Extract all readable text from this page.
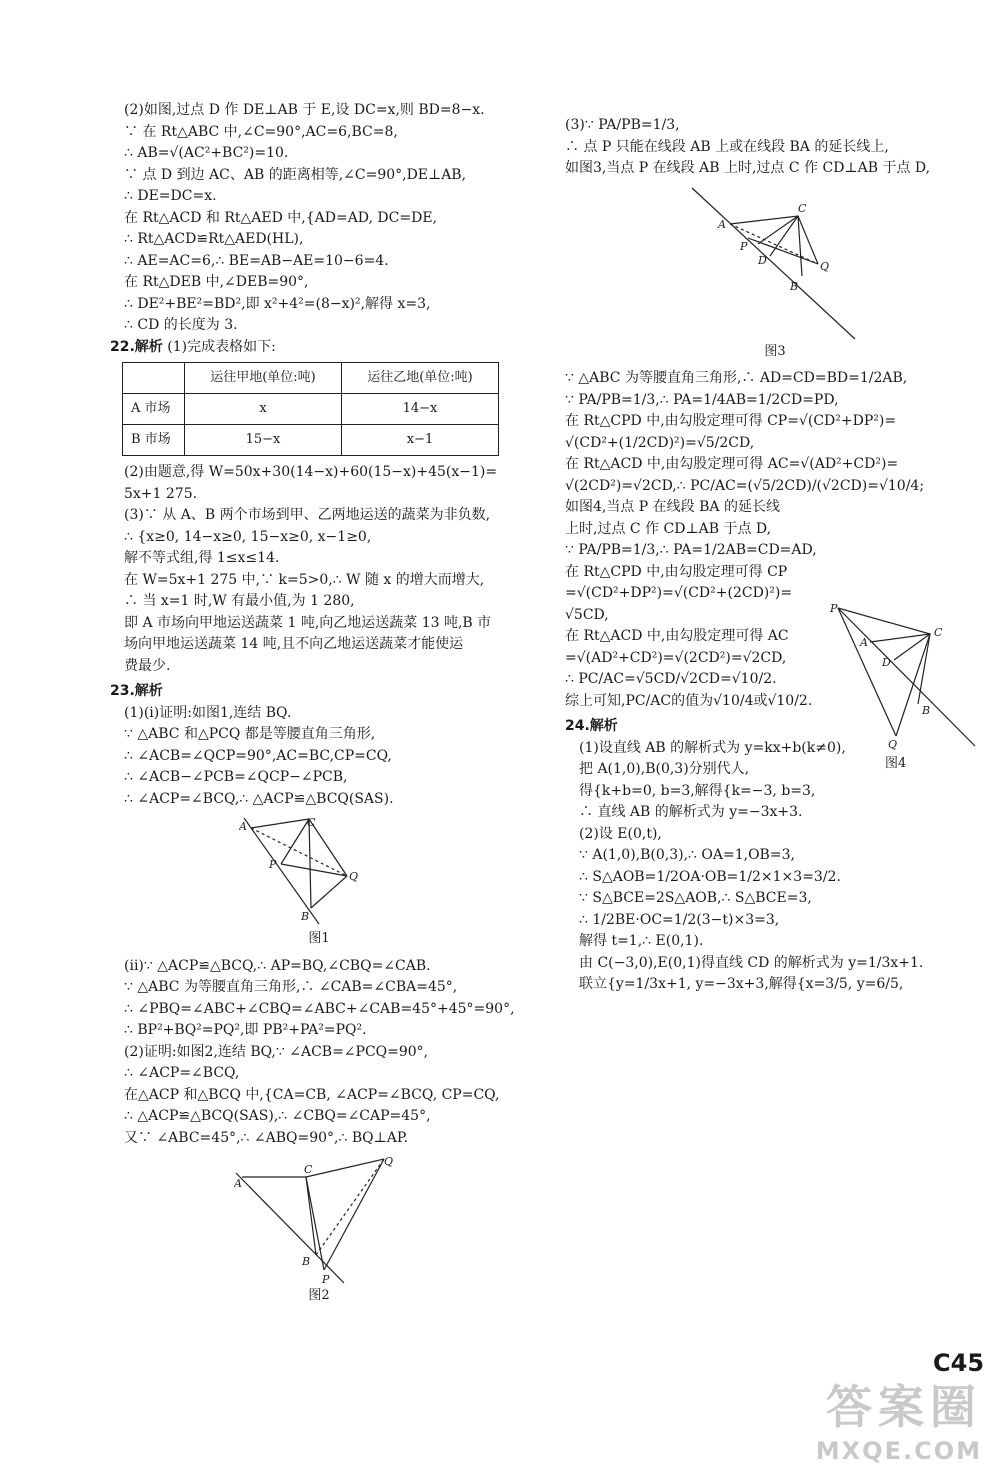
(2)如图,过点 D 作 DE⊥AB 于 E,设 DC=x,则 BD=8−x.
∵ 在 Rt△ABC 中,∠C=90°,AC=6,BC=8,
∴ AB=√(AC²+BC²)=10.
∵ 点 D 到边 AC、AB 的距离相等,∠C=90°,DE⊥AB,
∴ DE=DC=x.
在 Rt△ACD 和 Rt△AED 中,{AD=AD, DC=DE,
∴ Rt△ACD≌Rt△AED(HL),
∴ AE=AC=6,∴ BE=AB−AE=10−6=4.
在 Rt△DEB 中,∠DEB=90°,
∴ DE²+BE²=BD²,即 x²+4²=(8−x)²,解得 x=3,
∴ CD 的长度为 3.
22.解析 (1)完成表格如下:
	运往甲地(单位:吨)	运往乙地(单位:吨)
A 市场	x	14−x
B 市场	15−x	x−1
(2)由题意,得 W=50x+30(14−x)+60(15−x)+45(x−1)=
5x+1 275.
(3)∵ 从 A、B 两个市场到甲、乙两地运送的蔬菜为非负数,
∴ {x≥0, 14−x≥0, 15−x≥0, x−1≥0,
解不等式组,得 1≤x≤14.
在 W=5x+1 275 中,∵ k=5>0,∴ W 随 x 的增大而增大,
∴ 当 x=1 时,W 有最小值,为 1 280,
即 A 市场向甲地运送蔬菜 1 吨,向乙地运送蔬菜 13 吨,B 市
场向甲地运送蔬菜 14 吨,且不向乙地运送蔬菜才能使运
费最少.
23.解析
(1)(i)证明:如图1,连结 BQ.
∵ △ABC 和△PCQ 都是等腰直角三角形,
∴ ∠ACB=∠QCP=90°,AC=BC,CP=CQ,
∴ ∠ACB−∠PCB=∠QCP−∠PCB,
∴ ∠ACP=∠BCQ,∴ △ACP≌△BCQ(SAS).
A	C
P
Q
B
图1
(ii)∵ △ACP≌△BCQ,∴ AP=BQ,∠CBQ=∠CAB.
∵ △ABC 为等腰直角三角形,∴ ∠CAB=∠CBA=45°,
∴ ∠PBQ=∠ABC+∠CBQ=∠ABC+∠CAB=45°+45°=90°,
∴ BP²+BQ²=PQ²,即 PB²+PA²=PQ².
(2)证明:如图2,连结 BQ,∵ ∠ACB=∠PCQ=90°,
∴ ∠ACP=∠BCQ,
在△ACP 和△BCQ 中,{CA=CB, ∠ACP=∠BCQ, CP=CQ,
∴ △ACP≌△BCQ(SAS),∴ ∠CBQ=∠CAP=45°,
又∵ ∠ABC=45°,∴ ∠ABQ=90°,∴ BQ⊥AP.
A
C
Q
B
P
图2
(3)∵ PA/PB=1/3,
∴ 点 P 只能在线段 AB 上或在线段 BA 的延长线上,
如图3,当点 P 在线段 AB 上时,过点 C 作 CD⊥AB 于点 D,
A
C
P
D	Q
B
图3
∵ △ABC 为等腰直角三角形,∴ AD=CD=BD=1/2AB,
∵ PA/PB=1/3,∴ PA=1/4AB=1/2CD=PD,
在 Rt△CPD 中,由勾股定理可得 CP=√(CD²+DP²)=
√(CD²+(1/2CD)²)=√5/2CD,
在 Rt△ACD 中,由勾股定理可得 AC=√(AD²+CD²)=
√(2CD²)=√2CD,∴ PC/AC=(√5/2CD)/(√2CD)=√10/4;
如图4,当点 P 在线段 BA 的延长线
上时,过点 C 作 CD⊥AB 于点 D,
∵ PA/PB=1/3,∴ PA=1/2AB=CD=AD,
在 Rt△CPD 中,由勾股定理可得 CP
=√(CD²+DP²)=√(CD²+(2CD)²)=
√5CD,
在 Rt△ACD 中,由勾股定理可得 AC
=√(AD²+CD²)=√(2CD²)=√2CD,
∴ PC/AC=√5CD/√2CD=√10/2.
综上可知,PC/AC的值为√10/4或√10/2.
P
A
C
D
B
Q
图4
24.解析
(1)设直线 AB 的解析式为 y=kx+b(k≠0),
把 A(1,0),B(0,3)分别代人,
得{k+b=0, b=3,解得{k=−3, b=3,
∴ 直线 AB 的解析式为 y=−3x+3.
(2)设 E(0,t),
∵ A(1,0),B(0,3),∴ OA=1,OB=3,
∴ S△AOB=1/2OA·OB=1/2×1×3=3/2.
∵ S△BCE=2S△AOB,∴ S△BCE=3,
∴ 1/2BE·OC=1/2(3−t)×3=3,
解得 t=1,∴ E(0,1).
由 C(−3,0),E(0,1)得直线 CD 的解析式为 y=1/3x+1.
联立{y=1/3x+1, y=−3x+3,解得{x=3/5, y=6/5,
C45
答案圈
MXQE.COM
